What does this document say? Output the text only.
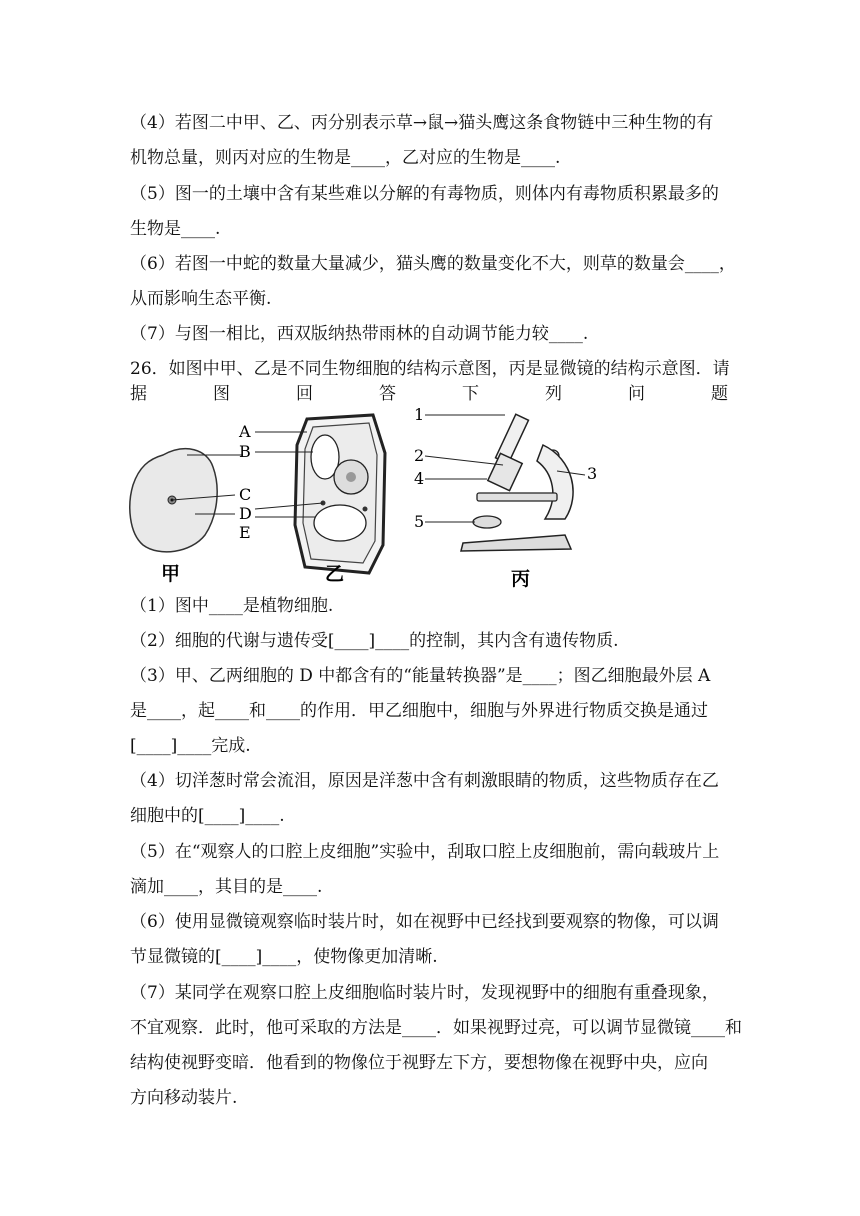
（4）若图二中甲、乙、丙分别表示草→鼠→猫头鹰这条食物链中三种生物的有
机物总量，则丙对应的生物是____，乙对应的生物是____.
（5）图一的土壤中含有某些难以分解的有毒物质，则体内有毒物质积累最多的
生物是____.
（6）若图一中蛇的数量大量减少，猫头鹰的数量变化不大，则草的数量会____，
从而影响生态平衡.
（7）与图一相比，西双版纳热带雨林的自动调节能力较____.
26．如图中甲、乙是不同生物细胞的结构示意图，丙是显微镜的结构示意图．请
据	图	回	答	下	列	问	题
A
B
C
D
E
1
2
3
4
5
甲	乙	丙
（1）图中____是植物细胞.
（2）细胞的代谢与遗传受[____]____的控制，其内含有遗传物质.
（3）甲、乙两细胞的 D 中都含有的“能量转换器”是____；图乙细胞最外层 A
是____，起____和____的作用．甲乙细胞中，细胞与外界进行物质交换是通过
[____]____完成.
（4）切洋葱时常会流泪，原因是洋葱中含有刺激眼睛的物质，这些物质存在乙
细胞中的[____]____.
（5）在“观察人的口腔上皮细胞”实验中，刮取口腔上皮细胞前，需向载玻片上
滴加____，其目的是____.
（6）使用显微镜观察临时装片时，如在视野中已经找到要观察的物像，可以调
节显微镜的[____]____，使物像更加清晰.
（7）某同学在观察口腔上皮细胞临时装片时，发现视野中的细胞有重叠现象，
不宜观察．此时，他可采取的方法是____．如果视野过亮，可以调节显微镜____和
结构使视野变暗．他看到的物像位于视野左下方，要想物像在视野中央，应向
方向移动装片.
